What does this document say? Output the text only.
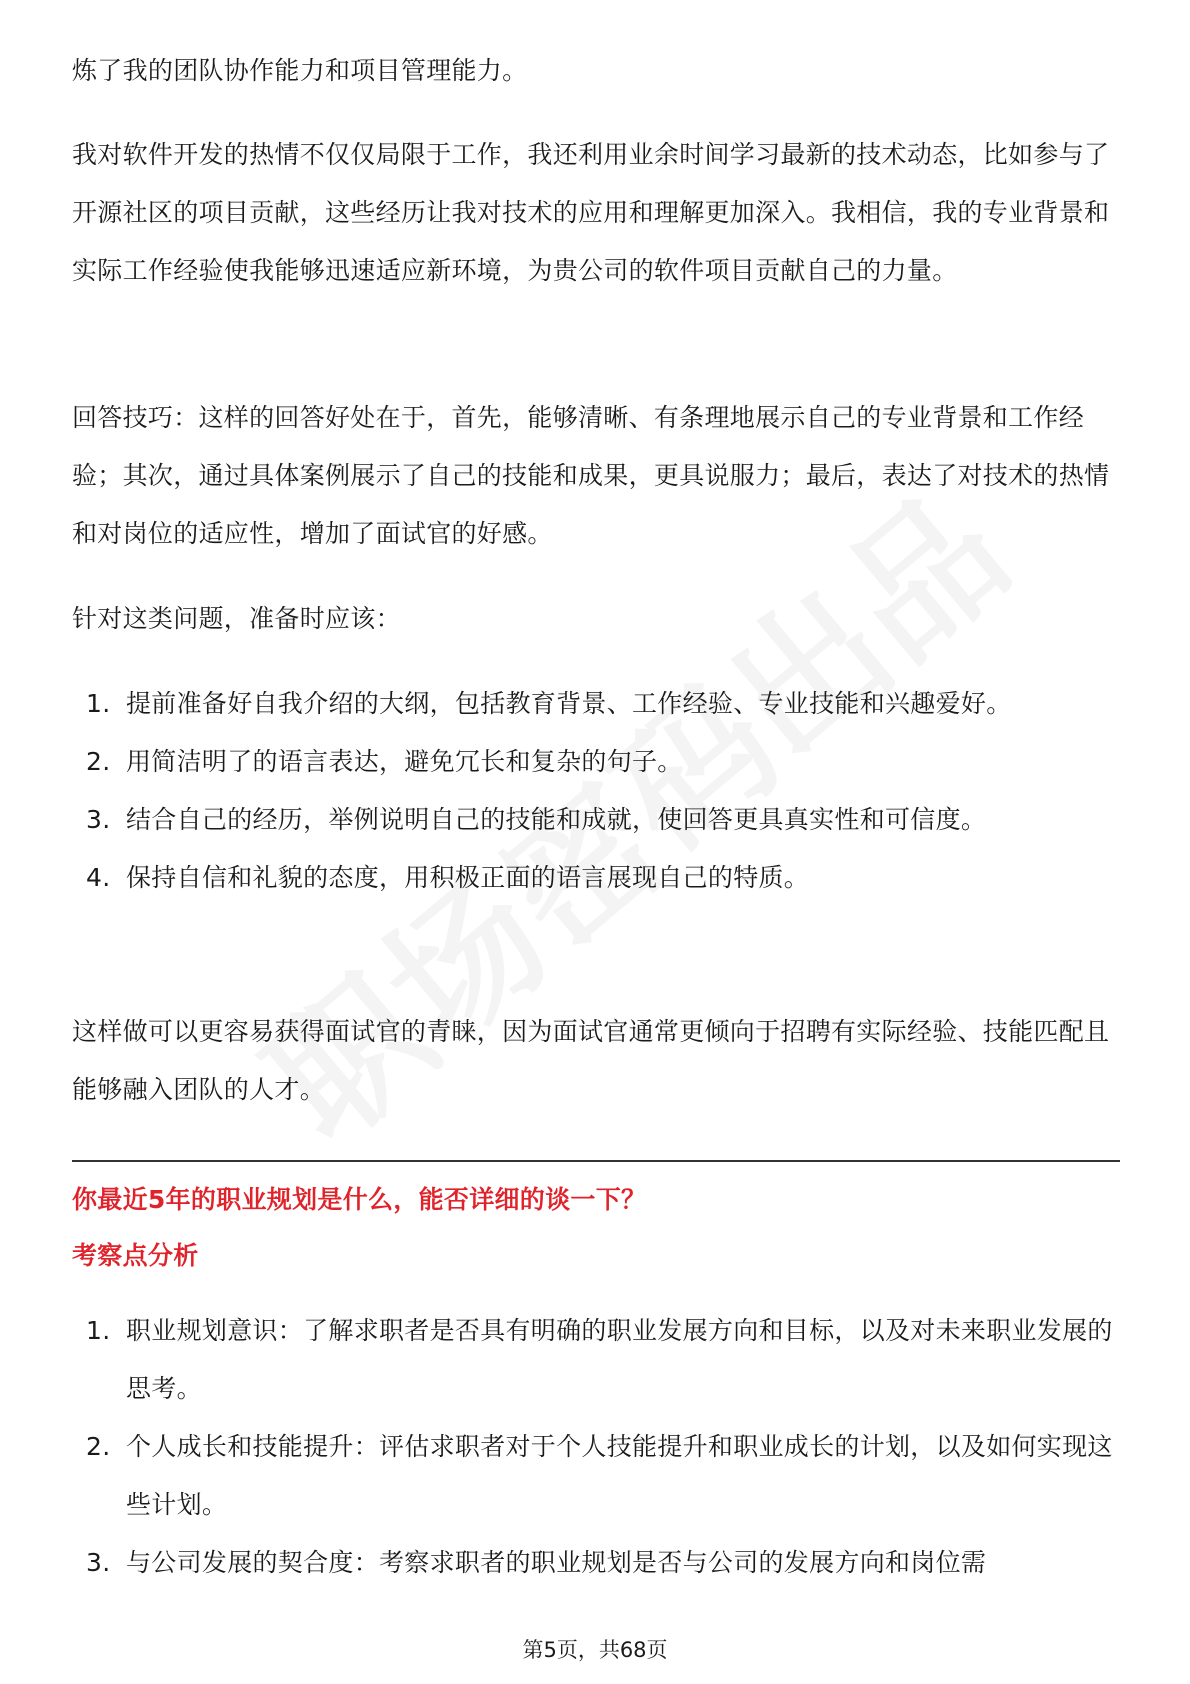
炼了我的团队协作能力和项目管理能力。

我对软件开发的热情不仅仅局限于工作，我还利用业余时间学习最新的技术动态，比如参与了开源社区的项目贡献，这些经历让我对技术的应用和理解更加深入。我相信，我的专业背景和实际工作经验使我能够迅速适应新环境，为贵公司的软件项目贡献自己的力量。

回答技巧：这样的回答好处在于，首先，能够清晰、有条理地展示自己的专业背景和工作经验；其次，通过具体案例展示了自己的技能和成果，更具说服力；最后，表达了对技术的热情和对岗位的适应性，增加了面试官的好感。

针对这类问题，准备时应该：

1. 提前准备好自我介绍的大纲，包括教育背景、工作经验、专业技能和兴趣爱好。
2. 用简洁明了的语言表达，避免冗长和复杂的句子。
3. 结合自己的经历，举例说明自己的技能和成就，使回答更具真实性和可信度。
4. 保持自信和礼貌的态度，用积极正面的语言展现自己的特质。

这样做可以更容易获得面试官的青睐，因为面试官通常更倾向于招聘有实际经验、技能匹配且能够融入团队的人才。

你最近5年的职业规划是什么，能否详细的谈一下？
考察点分析
1. 职业规划意识：了解求职者是否具有明确的职业发展方向和目标，以及对未来职业发展的思考。
2. 个人成长和技能提升：评估求职者对于个人技能提升和职业成长的计划，以及如何实现这些计划。
3. 与公司发展的契合度：考察求职者的职业规划是否与公司的发展方向和岗位需
第5页，共68页
